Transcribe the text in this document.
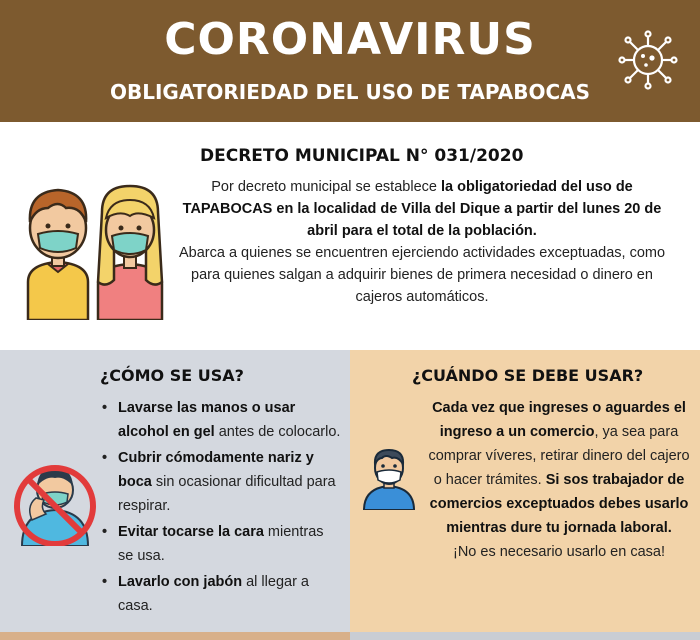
CORONAVIRUS
OBLIGATORIEDAD DEL USO DE TAPABOCAS
DECRETO MUNICIPAL N° 031/2020
Por decreto municipal se establece la obligatoriedad del uso de TAPABOCAS en la localidad de Villa del Dique a partir del lunes 20 de abril para el total de la población.
Abarca a quienes se encuentren ejerciendo actividades exceptuadas, como para quienes salgan a adquirir bienes de primera necesidad o dinero en cajeros automáticos.
¿CÓMO SE USA?
• Lavarse las manos o usar alcohol en gel antes de colocarlo.
• Cubrir cómodamente nariz y boca sin ocasionar dificultad para respirar.
• Evitar tocarse la cara mientras se usa.
• Lavarlo con jabón al llegar a casa.
¿CUÁNDO SE DEBE USAR?
Cada vez que ingreses o aguardes el ingreso a un comercio, ya sea para comprar víveres, retirar dinero del cajero o hacer trámites. Si sos trabajador de comercios exceptuados debes usarlo mientras dure tu jornada laboral.
¡No es necesario usarlo en casa!
